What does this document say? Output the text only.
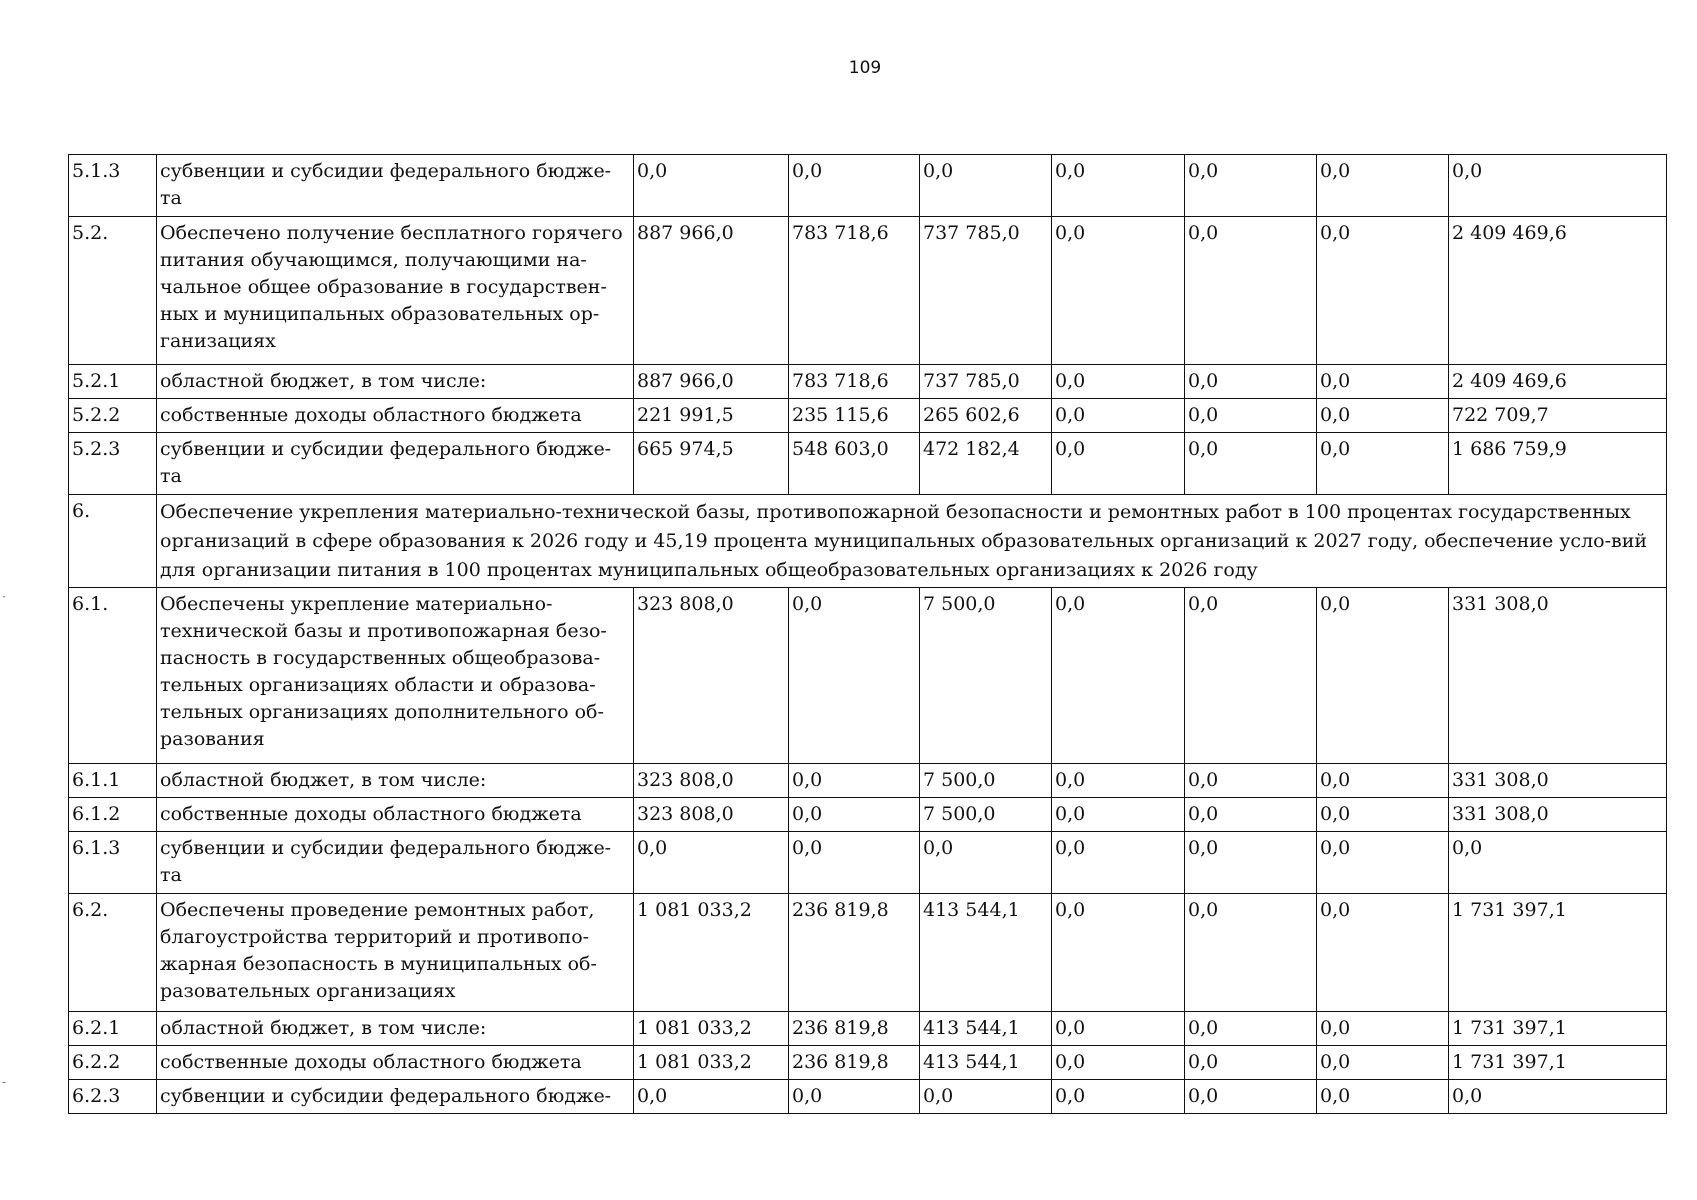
109
5.1.3	субвенции и субсидии федерального бюдже-та	0,0	0,0	0,0	0,0	0,0	0,0	0,0
5.2.	Обеспечено получение бесплатного горячего питания обучающимся, получающими на-чальное общее образование в государствен-ных и муниципальных образовательных ор-ганизациях	887 966,0	783 718,6	737 785,0	0,0	0,0	0,0	2 409 469,6
5.2.1	областной бюджет, в том числе:	887 966,0	783 718,6	737 785,0	0,0	0,0	0,0	2 409 469,6
5.2.2	собственные доходы областного бюджета	221 991,5	235 115,6	265 602,6	0,0	0,0	0,0	722 709,7
5.2.3	субвенции и субсидии федерального бюдже-та	665 974,5	548 603,0	472 182,4	0,0	0,0	0,0	1 686 759,9
6.	Обеспечение укрепления материально-технической базы, противопожарной безопасности и ремонтных работ в 100 процентах государственных организаций в сфере образования к 2026 году и 45,19 процента муниципальных образовательных организаций к 2027 году, обеспечение усло-вий для организации питания в 100 процентах муниципальных общеобразовательных организациях к 2026 году							
6.1.	Обеспечены укрепление материально-технической базы и противопожарная безо-пасность в государственных общеобразова-тельных организациях области и образова-тельных организациях дополнительного об-разования	323 808,0	0,0	7 500,0	0,0	0,0	0,0	331 308,0
6.1.1	областной бюджет, в том числе:	323 808,0	0,0	7 500,0	0,0	0,0	0,0	331 308,0
6.1.2	собственные доходы областного бюджета	323 808,0	0,0	7 500,0	0,0	0,0	0,0	331 308,0
6.1.3	субвенции и субсидии федерального бюдже-та	0,0	0,0	0,0	0,0	0,0	0,0	0,0
6.2.	Обеспечены проведение ремонтных работ, благоустройства территорий и противопо-жарная безопасность в муниципальных об-разовательных организациях	1 081 033,2	236 819,8	413 544,1	0,0	0,0	0,0	1 731 397,1
6.2.1	областной бюджет, в том числе:	1 081 033,2	236 819,8	413 544,1	0,0	0,0	0,0	1 731 397,1
6.2.2	собственные доходы областного бюджета	1 081 033,2	236 819,8	413 544,1	0,0	0,0	0,0	1 731 397,1
6.2.3	субвенции и субсидии федерального бюдже-	0,0	0,0	0,0	0,0	0,0	0,0	0,0
·
-
